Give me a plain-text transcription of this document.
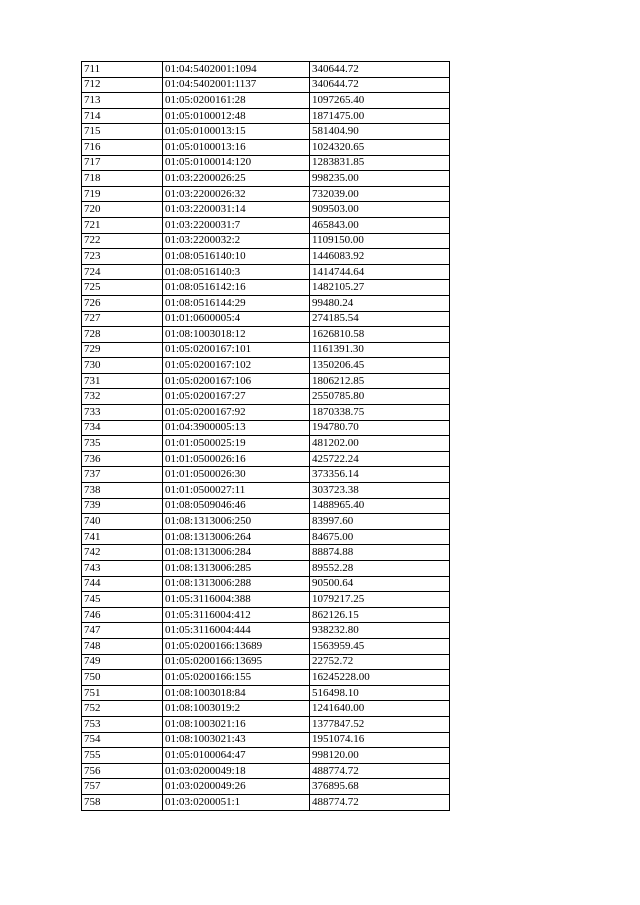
711	01:04:5402001:1094	340644.72
712	01:04:5402001:1137	340644.72
713	01:05:0200161:28	1097265.40
714	01:05:0100012:48	1871475.00
715	01:05:0100013:15	581404.90
716	01:05:0100013:16	1024320.65
717	01:05:0100014:120	1283831.85
718	01:03:2200026:25	998235.00
719	01:03:2200026:32	732039.00
720	01:03:2200031:14	909503.00
721	01:03:2200031:7	465843.00
722	01:03:2200032:2	1109150.00
723	01:08:0516140:10	1446083.92
724	01:08:0516140:3	1414744.64
725	01:08:0516142:16	1482105.27
726	01:08:0516144:29	99480.24
727	01:01:0600005:4	274185.54
728	01:08:1003018:12	1626810.58
729	01:05:0200167:101	1161391.30
730	01:05:0200167:102	1350206.45
731	01:05:0200167:106	1806212.85
732	01:05:0200167:27	2550785.80
733	01:05:0200167:92	1870338.75
734	01:04:3900005:13	194780.70
735	01:01:0500025:19	481202.00
736	01:01:0500026:16	425722.24
737	01:01:0500026:30	373356.14
738	01:01:0500027:11	303723.38
739	01:08:0509046:46	1488965.40
740	01:08:1313006:250	83997.60
741	01:08:1313006:264	84675.00
742	01:08:1313006:284	88874.88
743	01:08:1313006:285	89552.28
744	01:08:1313006:288	90500.64
745	01:05:3116004:388	1079217.25
746	01:05:3116004:412	862126.15
747	01:05:3116004:444	938232.80
748	01:05:0200166:13689	1563959.45
749	01:05:0200166:13695	22752.72
750	01:05:0200166:155	16245228.00
751	01:08:1003018:84	516498.10
752	01:08:1003019:2	1241640.00
753	01:08:1003021:16	1377847.52
754	01:08:1003021:43	1951074.16
755	01:05:0100064:47	998120.00
756	01:03:0200049:18	488774.72
757	01:03:0200049:26	376895.68
758	01:03:0200051:1	488774.72
